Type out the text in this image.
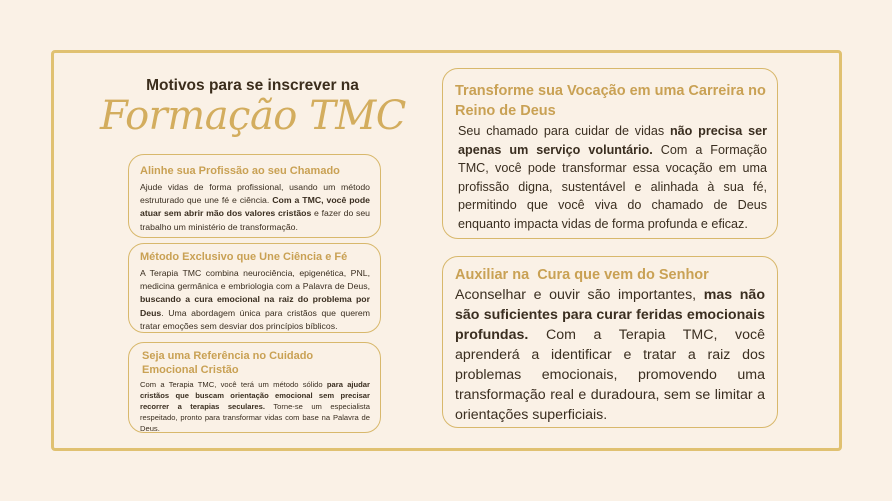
Motivos para se inscrever na
Formação TMC
Alinhe sua Profissão ao seu Chamado

Ajude vidas de forma profissional, usando um método estruturado que une fé e ciência. Com a TMC, você pode atuar sem abrir mão dos valores cristãos e fazer do seu trabalho um ministério de transformação.

Método Exclusivo que Une Ciência e Fé

A Terapia TMC combina neurociência, epigenética, PNL, medicina germânica e embriologia com a Palavra de Deus, buscando a cura emocional na raiz do problema por Deus. Uma abordagem única para cristãos que querem tratar emoções sem desviar dos princípios bíblicos.

Seja uma Referência no Cuidado Emocional Cristão

Com a Terapia TMC, você terá um método sólido para ajudar cristãos que buscam orientação emocional sem precisar recorrer a terapias seculares. Torne-se um especialista respeitado, pronto para transformar vidas com base na Palavra de Deus.

Transforme sua Vocação em uma Carreira no Reino de Deus

Seu chamado para cuidar de vidas não precisa ser apenas um serviço voluntário. Com a Formação TMC, você pode transformar essa vocação em uma profissão digna, sustentável e alinhada à sua fé, permitindo que você viva do chamado de Deus enquanto impacta vidas de forma profunda e eficaz.

Auxiliar na  Cura que vem do Senhor

Aconselhar e ouvir são importantes, mas não são suficientes para curar feridas emocionais profundas. Com a Terapia TMC, você aprenderá a identificar e tratar a raiz dos problemas emocionais, promovendo uma transformação real e duradoura, sem se limitar a orientações superficiais.
